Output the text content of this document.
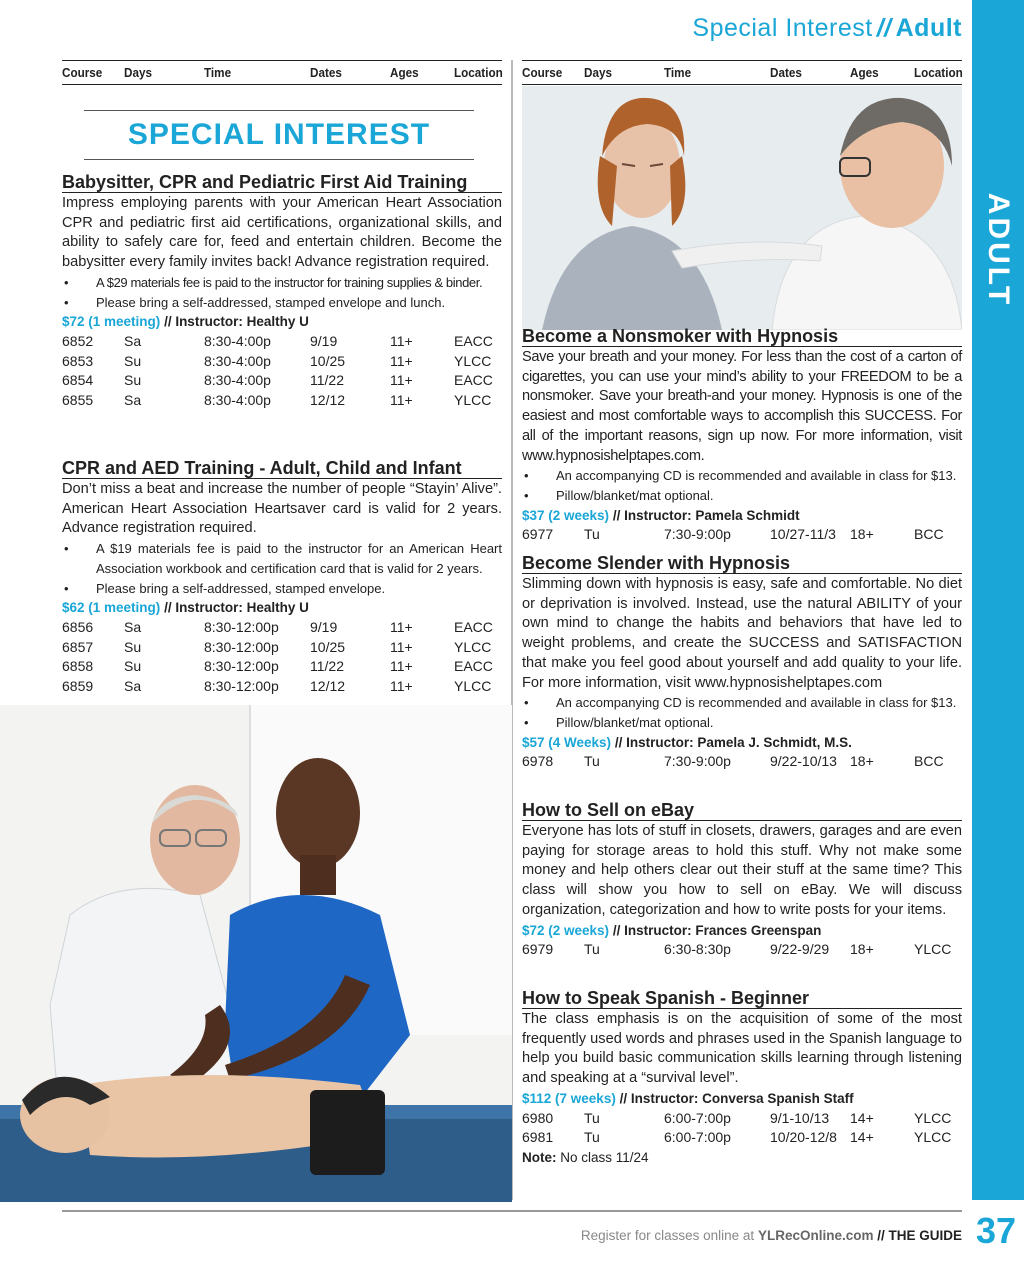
Special Interest // Adult
ADULT
Course	Days	Time	Dates	Ages	Location Course	Days	Time	Dates	Ages	Location
SPECIAL INTEREST
Babysitter, CPR and Pediatric First Aid Training
Impress employing parents with your American Heart Association CPR and pediatric first aid certifications, organizational skills, and ability to safely care for, feed and entertain children. Become the babysitter every family invites back! Advance registration required.
• A $29 materials fee is paid to the instructor for training supplies & binder.
• Please bring a self-addressed, stamped envelope and lunch.
$72 (1 meeting) // Instructor: Healthy U
6852	Sa	8:30-4:00p	9/19	11+	EACC
6853	Su	8:30-4:00p	10/25	11+	YLCC
6854	Su	8:30-4:00p	11/22	11+	EACC
6855	Sa	8:30-4:00p	12/12	11+	YLCC
CPR and AED Training - Adult, Child and Infant
Don’t miss a beat and increase the number of people “Stayin’ Alive”. American Heart Association Heartsaver card is valid for 2 years. Advance registration required.
• A $19 materials fee is paid to the instructor for an American Heart Association workbook and certification card that is valid for 2 years.
• Please bring a self-addressed, stamped envelope.
$62 (1 meeting) // Instructor: Healthy U
6856	Sa	8:30-12:00p	9/19	11+	EACC
6857	Su	8:30-12:00p	10/25	11+	YLCC
6858	Su	8:30-12:00p	11/22	11+	EACC
6859	Sa	8:30-12:00p	12/12	11+	YLCC
Become a Nonsmoker with Hypnosis
Save your breath and your money. For less than the cost of a carton of cigarettes, you can use your mind’s ability to your FREEDOM to be a nonsmoker. Save your breath-and your money. Hypnosis is one of the easiest and most comfortable ways to accomplish this SUCCESS. For all of the important reasons, sign up now. For more information, visit www.hypnosishelptapes.com.
• An accompanying CD is recommended and available in class for $13.
• Pillow/blanket/mat optional.
$37 (2 weeks) // Instructor: Pamela Schmidt
6977	Tu	7:30-9:00p	10/27-11/3	18+	BCC
Become Slender with Hypnosis
Slimming down with hypnosis is easy, safe and comfortable. No diet or deprivation is involved. Instead, use the natural ABILITY of your own mind to change the habits and behaviors that have led to weight problems, and create the SUCCESS and SATISFACTION that make you feel good about yourself and add quality to your life. For more information, visit www.hypnosishelptapes.com
• An accompanying CD is recommended and available in class for $13.
• Pillow/blanket/mat optional.
$57 (4 Weeks) // Instructor: Pamela J. Schmidt, M.S.
6978	Tu	7:30-9:00p	9/22-10/13 18+	BCC
How to Sell on eBay
Everyone has lots of stuff in closets, drawers, garages and are even paying for storage areas to hold this stuff. Why not make some money and help others clear out their stuff at the same time? This class will show you how to sell on eBay. We will discuss organization, categorization and how to write posts for your items.
$72 (2 weeks) // Instructor: Frances Greenspan
6979	Tu	6:30-8:30p	9/22-9/29	18+	YLCC
How to Speak Spanish - Beginner
The class emphasis is on the acquisition of some of the most frequently used words and phrases used in the Spanish language to help you build basic communication skills learning through listening and speaking at a “survival level”.
$112 (7 weeks) // Instructor: Conversa Spanish Staff
6980	Tu	6:00-7:00p	9/1-10/13	14+	YLCC
6981	Tu	6:00-7:00p	10/20-12/8 14+	YLCC
Note: No class 11/24
Register for classes online at YLRecOnline.com // THE GUIDE 37
